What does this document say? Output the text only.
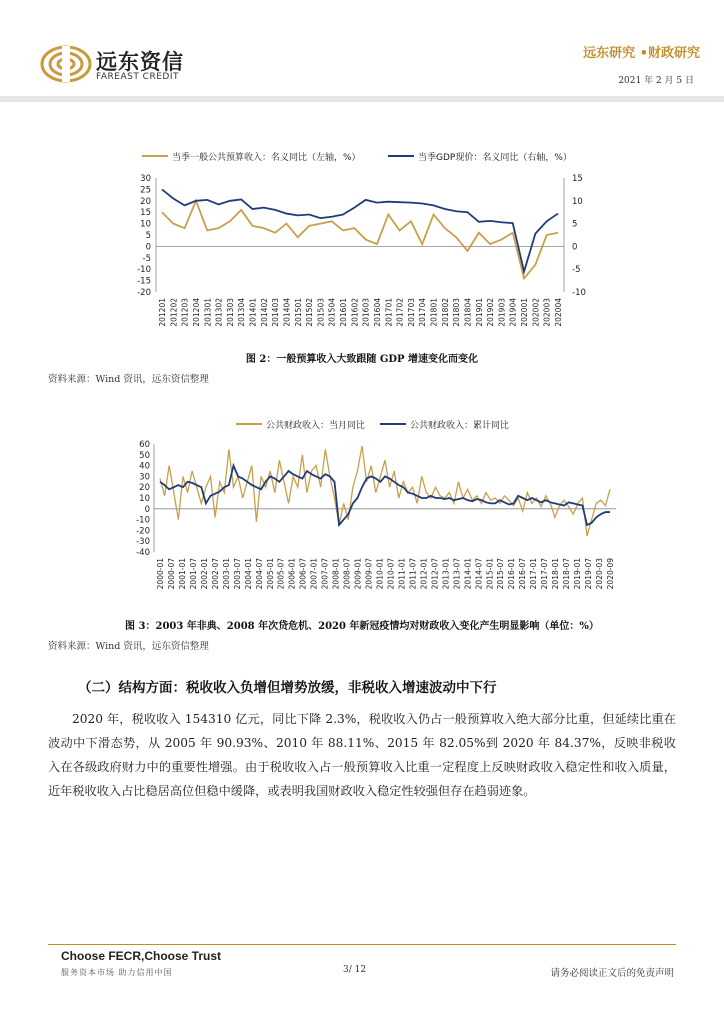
远东资信
FAREAST CREDIT
远东研究 •财政研究
2021 年 2 月 5 日
当季一般公共预算收入：名义同比（左轴，%）	当季GDP现价：名义同比（右轴，%）
30
25
20
15
10
5
0
-5
-10
-15
-20
15
10
5
0
-5
-10
201201 201202 201203 201204 201301 201302 201303 201304 201401 201402 201403 201404 201501 201502 201503 201504 201601 201602 201603 201604 201701 201702 201703 201704 201801 201802 201803 201804 201901 201902 201903 201904 202001 202002 202003 202004
图 2：一般预算收入大致跟随 GDP 增速变化而变化
资料来源：Wind 资讯，远东资信整理
公共财政收入：当月同比	公共财政收入：累计同比
60
50
40
30
20
10
0
-10
-20
-30
-40
2000-01 2000-07 2001-01 2001-07 2002-01 2002-07 2003-01 2003-07 2004-01 2004-07 2005-01 2005-07 2006-01 2006-07 2007-01 2007-07 2008-01 2008-07 2009-01 2009-07 2010-01 2010-07 2011-01 2011-07 2012-01 2012-07 2013-01 2013-07 2014-01 2014-07 2015-01 2015-07 2016-01 2016-07 2017-01 2017-07 2018-01 2018-07 2019-01 2019-07 2020-03 2020-09
图 3：2003 年非典、2008 年次贷危机、2020 年新冠疫情均对财政收入变化产生明显影响（单位：%）
资料来源：Wind 资讯，远东资信整理
（二）结构方面：税收收入负增但增势放缓，非税收入增速波动中下行
2020 年，税收收入 154310 亿元，同比下降 2.3%，税收收入仍占一般预算收入绝大部分比重，但延续比重在波动中下滑态势，从 2005 年 90.93%、2010 年 88.11%、2015 年 82.05%到 2020 年 84.37%，反映非税收入在各级政府财力中的重要性增强。由于税收收入占一般预算收入比重一定程度上反映财政收入稳定性和收入质量，近年税收收入占比稳居高位但稳中缓降，或表明我国财政收入稳定性较强但存在趋弱迹象。
Choose FECR,Choose Trust
服务资本市场 助力信用中国	3/ 12	请务必阅读正文后的免责声明
